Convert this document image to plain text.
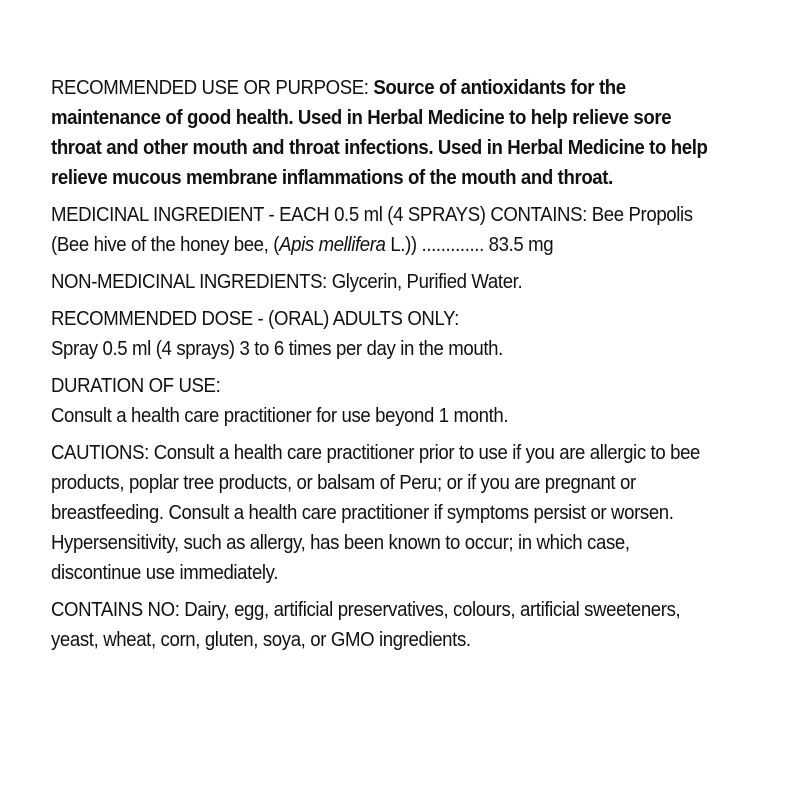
RECOMMENDED USE OR PURPOSE: Source of antioxidants for the maintenance of good health. Used in Herbal Medicine to help relieve sore throat and other mouth and throat infections. Used in Herbal Medicine to help relieve mucous membrane inflammations of the mouth and throat.

MEDICINAL INGREDIENT - EACH 0.5 ml (4 SPRAYS) CONTAINS: Bee Propolis (Bee hive of the honey bee, (Apis mellifera L.)) ............. 83.5 mg

NON-MEDICINAL INGREDIENTS: Glycerin, Purified Water.

RECOMMENDED DOSE - (ORAL) ADULTS ONLY:
Spray 0.5 ml (4 sprays) 3 to 6 times per day in the mouth.

DURATION OF USE:
Consult a health care practitioner for use beyond 1 month.

CAUTIONS: Consult a health care practitioner prior to use if you are allergic to bee products, poplar tree products, or balsam of Peru; or if you are pregnant or breastfeeding. Consult a health care practitioner if symptoms persist or worsen. Hypersensitivity, such as allergy, has been known to occur; in which case, discontinue use immediately.

CONTAINS NO: Dairy, egg, artificial preservatives, colours, artificial sweeteners, yeast, wheat, corn, gluten, soya, or GMO ingredients.
